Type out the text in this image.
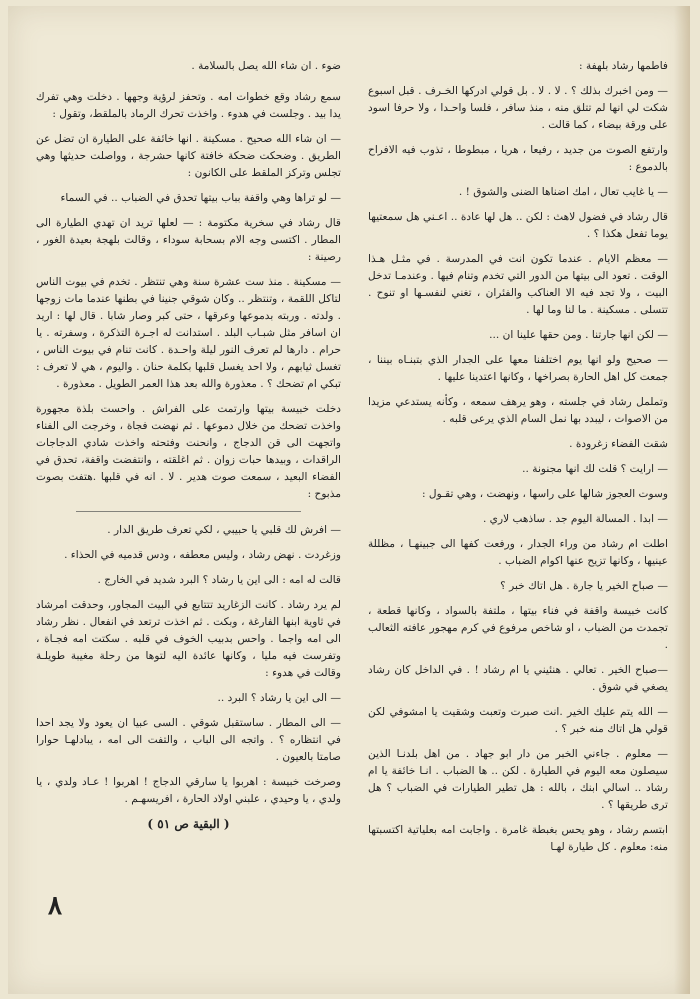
فاطمها رشاد بلهفة :

— ومن اخبرك بذلك ؟ . لا . لا . بل قولي ادركها الخـرف . قبل اسبوع شكت لي انها لم تتلق منه ، منذ سافر ، فلسا واحـدا ، ولا حرفا اسود على ورقة بيضاء ، كما قالت .

وارتفع الصوت من جديد ، رفيعا ، هريا ، مبطوطا ، تذوب فيه الافراح بالدموع :

— يا غايب تعال ، امك اضناها الضنى والشوق ! .

قال رشاد في فضول لاهث : لكن .. هل لها عادة .. اعـني هل سمعتيها يوما تفعل هكذا ؟ .

— معظم الايام . عندما تكون انت في المدرسة . في مثـل هـذا الوقت . تعود الى بيتها من الدور التي تخدم وتنام فيها . وعندمـا تدخل البيت ، ولا تجد فيه الا العناكب والفئران ، تغني لنفسـها او تنوح . تتسلى . مسكينة . ما لنا وما لها .

— لكن انها جارتنا . ومن حقها علينا ان ...

— صحيح ولو انها يوم اختلفنا معها على الجدار الذي بتبنـاه بيننا ، جمعت كل اهل الحارة بصراخها ، وكانها اعتدينا عليها .

وتململ رشاد في جلسته ، وهو يرهف سمعه ، وكأنه يستدعي مزيدا من الاصوات ، ليبدد بها نمل السام الذي يرعى قلبه .

شقت الفضاء زغرودة .

— ارايت ؟ قلت لك انها مجنونة ..

وسوت العجوز شالها على راسها ، ونهضت ، وهي تقـول :

— ابدا . المسالة اليوم جد . ساذهب لاري .

اطلت ام رشاد من وراء الجدار ، ورفعت كفها الى جبينهـا ، مظللة عينيها ، وكانها تزيح عنها اكوام الضباب .

— صباح الخير يا جارة . هل اتاك خبر ؟

كانت خبيسة واقفة في فناء بيتها ، ملتفة بالسواد ، وكانها قطعة ، تجمدت من الضباب ، او شاخص مرفوع في كرم مهجور عافته الثعالب .

—صباح الخير . تعالي . هنئيني يا ام رشاد ! . في الداخل كان رشاد يصغي في شوق .

— الله يتم عليك الخير .انت صبرت وتعبت وشقيت يا امشوفي لكن قولي هل اتاك منه خبر ؟ .

— معلوم . جاءني الخبر من دار ابو جهاد . من اهل بلدنـا الذين سيصلون معه اليوم في الطيارة . لكن .. ها الضباب . انـا خائفة يا ام رشاد .. اسالي ابنك ، بالله : هل تطير الطيارات في الضباب ؟ هل ترى طريقها ؟ .

ابتسم رشاد ، وهو يحس بغبطة غامرة . واجابت امه بعلياتية اكتسبتها منه: معلوم . كل طيارة لهـا

ضوء . ان شاء الله يصل بالسلامة .

سمع رشاد وقع خطوات امه . وتحفز لرؤية وجهها . دخلت وهي تفرك يدا بيد . وجلست في هدوء . واخذت تحرك الرماد بالملقط، وتقول :

— ان شاء الله صحيح . مسكينة . انها خائفة على الطيارة ان تضل عن الطريق . وضحكت ضحكة خافتة كانها حشرجة ، وواصلت حديثها وهي تجلس وتركز الملقط على الكانون :

— لو تراها وهي واقفة بباب بيتها تحدق في الضباب .. في السماء

قال رشاد في سخرية مكتومة : — لعلها تريد ان تهدي الطيارة الى المطار . اكتسى وجه الام بسحابة سوداء ، وقالت بلهجة بعيدة الغور ، رصينة :

— مسكينة . منذ ست عشرة سنة وهي تنتظر . تخدم في بيوت الناس لتاكل اللقمة ، وتنتظر .. وكان شوقي جنينا في بطنها عندما مات زوجها . ولدته . وربته بدموعها وعرقها ، حتى كبر وصار شابا . قال لها : اريد ان اسافر مثل شبـاب البلد . استدانت له اجـرة التذكرة ، وسفرته . يا حرام . دارها لم تعرف النور ليلة واحـدة . كانت تنام في بيوت الناس ، تغسل ثيابهم ، ولا احد يغسل قلبها بكلمة حنان . واليوم ، هي لا تعرف : تبكي ام تضحك ؟ . معذورة والله بعد هذا العمر الطويل . معذورة .

دخلت خبيسة بيتها وارتمت على الفراش . واحست بلذة مجهورة واخذت تضحك من خلال دموعها . ثم نهضت فجاة ، وخرجت الى الفناء واتجهت الى قن الدجاج ، وانحنت وفتحته واخذت شادي الدجاجات الراقدات ، وبيدها حبات زوان . ثم اغلقته ، وانتفضت واقفة، تحدق في الفضاء البعيد ، سمعت صوت هدير . لا . انه في قلبها .هتفت بصوت مذبوح :

— افرش لك قلبي يا حبيبي ، لكي تعرف طريق الدار .

وزغردت . نهض رشاد ، وليس معطفه ، ودس قدميه في الحذاء .

قالت له امه : الى اين يا رشاد ؟ البرد شديد في الخارج .

لم يرد رشاد . كانت الزغاريد تتتابع في البيت المجاور، وحدقت امرشاد في ثاوية ابنها الفارغة ، وبكت . ثم اخذت ترتعد في انفعال . نظر رشاد الى امه واجما . واحس بدبيب الخوف في قلبه . سكتت امه فجـاة ، وتفرست فيه مليا ، وكانها عائدة اليه لتوها من رحلة مغيبة طويلـة وقالت في هدوء :

— الى اين يا رشاد ؟ البرد ..

— الى المطار . ساستقبل شوقي . السى عبيا ان يعود ولا يجد احدا في انتظاره ؟ . واتجه الى الباب ، والتفت الى امه ، يبادلهـا حوارا صامتا بالعيون .

وصرخت خبيسة : اهربوا يا سارقي الدجاج ! اهربوا ! عـاد ولدي ، يا ولدي ، يا وحيدي ، علبني اولاد الحارة ، افريسهـم .

( البقية ص ٥١ )
٨
